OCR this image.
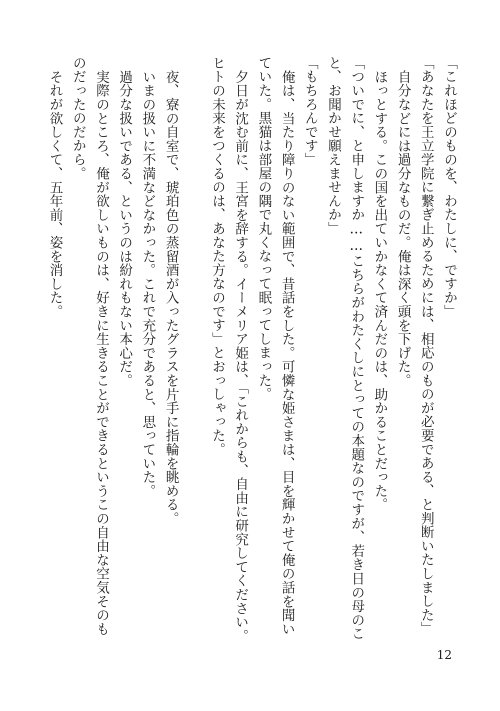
「これほどのものを、わたしに、ですか」

「あなたを王立学院に繋ぎ止めるためには、相応のものが必要である、と判断いたしました」

自分などには過分なものだ。俺は深く頭を下げた。

ほっとする。この国を出ていかなくて済んだのは、助かることだった。

「ついでに、と申しますか……こちらがわたくしにとっての本題なのですが、若き日の母のこと、お聞かせ願えませんか」

「もちろんです」

俺は、当たり障りのない範囲で、昔話をした。可憐な姫さまは、目を輝かせて俺の話を聞いていた。黒猫は部屋の隅で丸くなって眠ってしまった。

夕日が沈む前に、王宮を辞する。イーメリア姫は、「これからも、自由に研究してください。ヒトの未来をつくるのは、あなた方なのです」とおっしゃった。

夜、寮の自室で、琥珀色の蒸留酒が入ったグラスを片手に指輪を眺める。

いまの扱いに不満などなかった。これで充分であると、思っていた。

過分な扱いである、というのは紛れもない本心だ。

実際のところ、俺が欲しいものは、好きに生きることができるというこの自由な空気そのものだったのだから。

それが欲しくて、五年前、姿を消した。

12
